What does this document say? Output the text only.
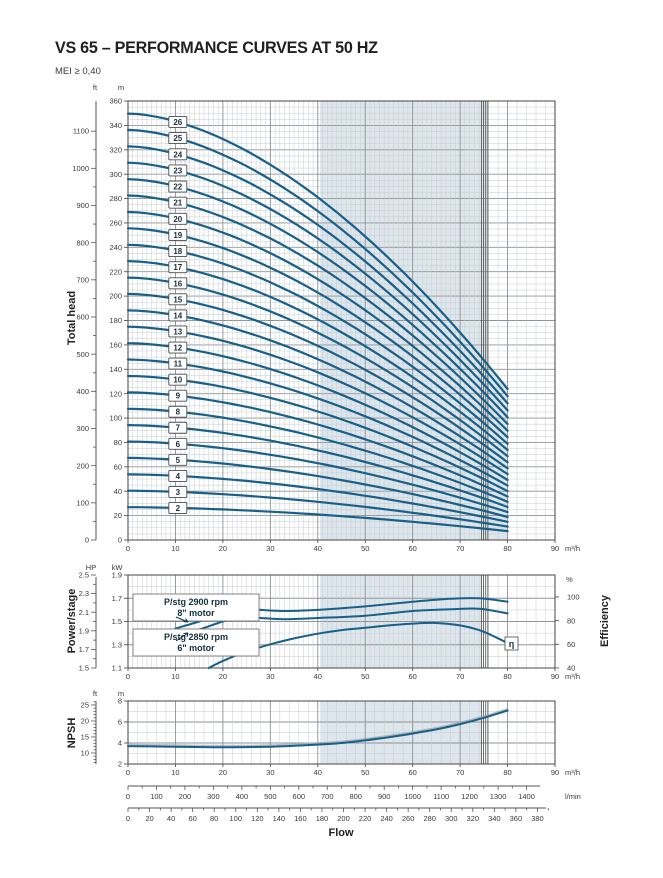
VS 65 – PERFORMANCE CURVES AT 50 HZ
MEI ≥ 0,40
Total head
Power/stage
NPSH
Efficiency
2
3
4
5
6
7
8
9
10
11
12
13
14
15
16
17
18
19
20
21
22
23
24
25
26
η
P/stg 2900 rpm
8" motor
P/stg 2850 rpm
6" motor
ft	m
HP kW
ft	m
%
0
20
40
60
80
100
120
140
160
180
200
220
240
260
280
300
320
340
360
0
100
200
300
400
500
600
700
800
900
1000
1100
0	10	20	30	40	50	60	70	80	90 m³/h
1.1
1.3
1.5
1.7
1.9
1.5
1.7
1.9
2.1
2.3
2.5
40
60
80
100
0	10	20	30	40	50	60	70	80	90 m³/h
2
4
6
8
10
15
20
25
0	10	20	30	40	50	60	70	80	90 m³/h
0	100 200 300 400 500 600 700 800 900 1000 1100 1200 1300 1400	l/min
0 20 40 60 80 100 120 140 160 180 200 220 240 260 280 300 320 340 360 380
Flow
